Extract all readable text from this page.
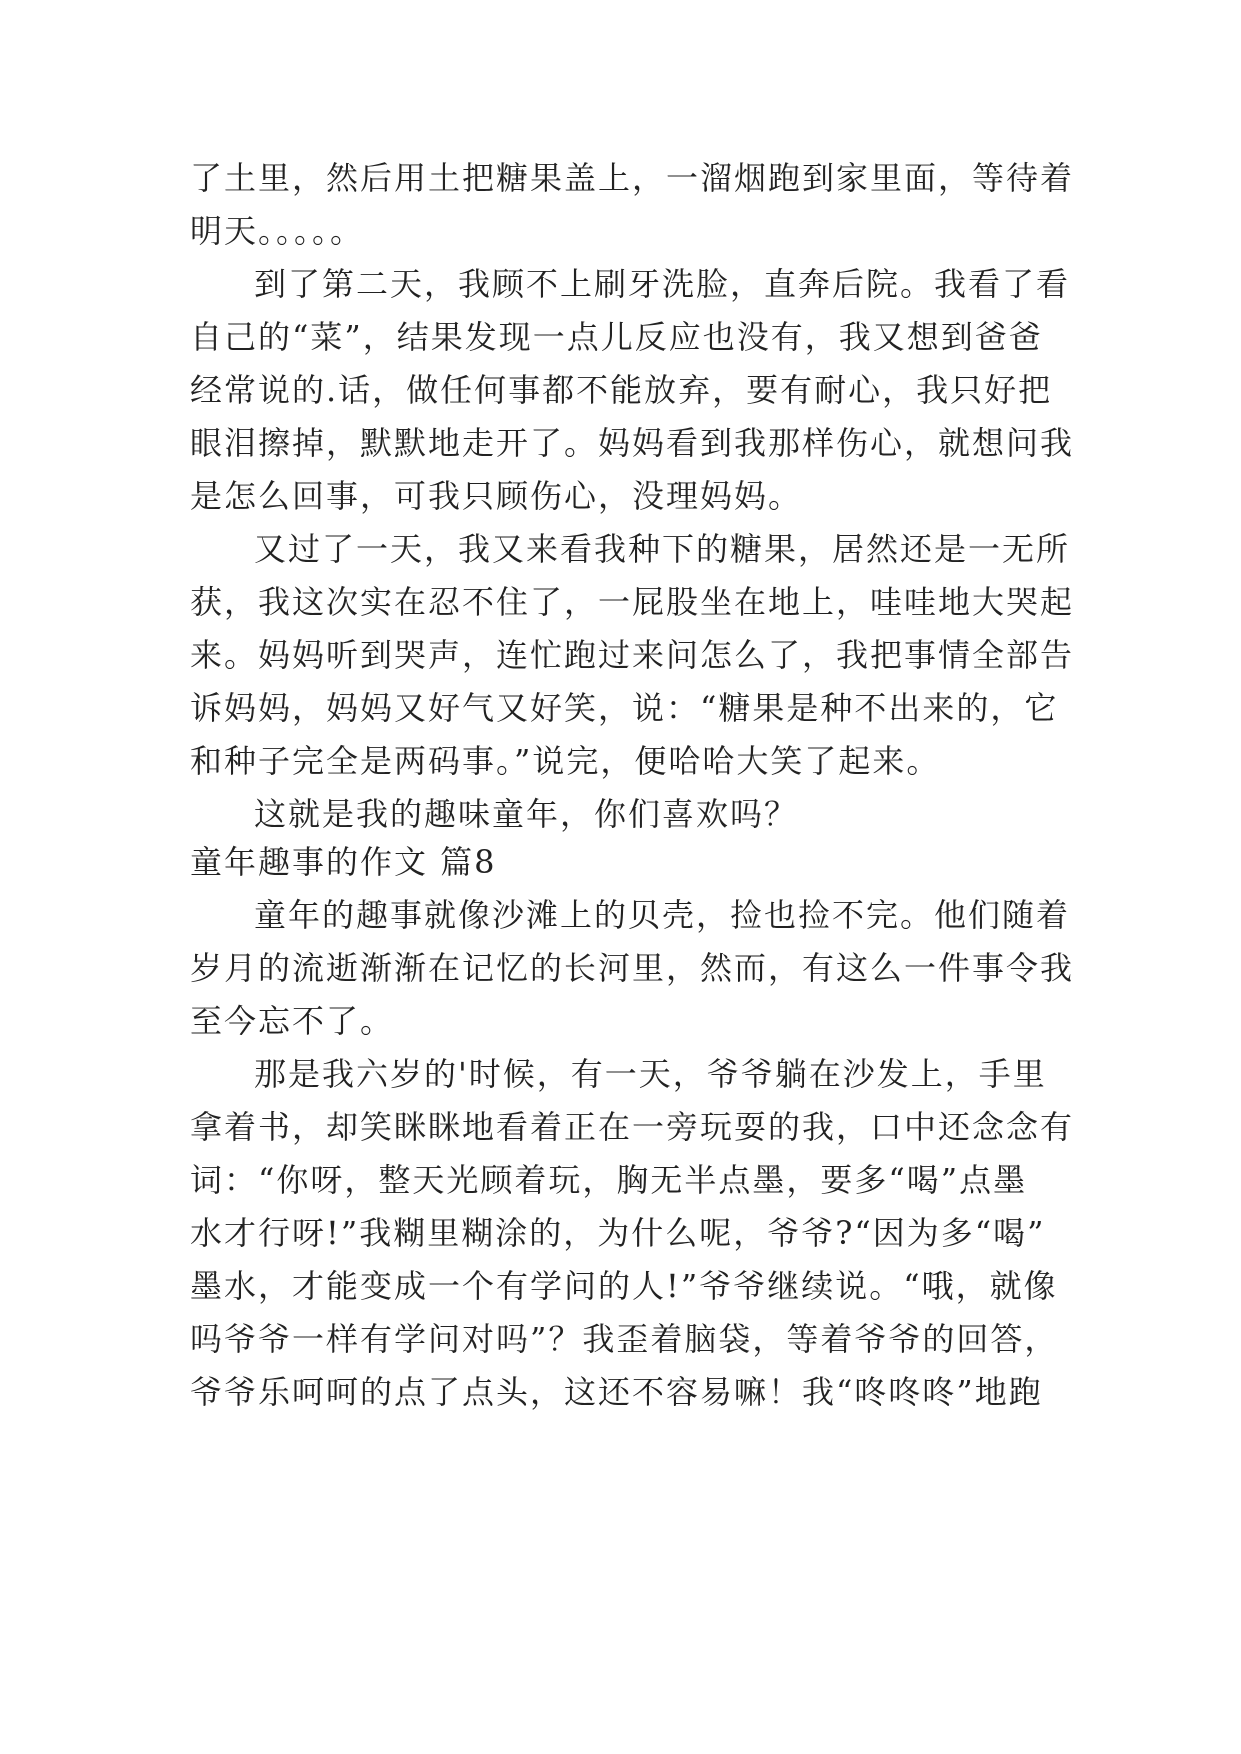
了土里，然后用土把糖果盖上，一溜烟跑到家里面，等待着
明天。。。。。
到了第二天，我顾不上刷牙洗脸，直奔后院。我看了看
自己的“菜”，结果发现一点儿反应也没有，我又想到爸爸
经常说的.话，做任何事都不能放弃，要有耐心，我只好把
眼泪擦掉，默默地走开了。妈妈看到我那样伤心，就想问我
是怎么回事，可我只顾伤心，没理妈妈。
又过了一天，我又来看我种下的糖果，居然还是一无所
获，我这次实在忍不住了，一屁股坐在地上，哇哇地大哭起
来。妈妈听到哭声，连忙跑过来问怎么了，我把事情全部告
诉妈妈，妈妈又好气又好笑，说：“糖果是种不出来的，它
和种子完全是两码事。”说完，便哈哈大笑了起来。
这就是我的趣味童年，你们喜欢吗？
童年趣事的作文 篇8
童年的趣事就像沙滩上的贝壳，捡也捡不完。他们随着
岁月的流逝渐渐在记忆的长河里，然而，有这么一件事令我
至今忘不了。
那是我六岁的'时候，有一天，爷爷躺在沙发上，手里
拿着书，却笑眯眯地看着正在一旁玩耍的我，口中还念念有
词：“你呀，整天光顾着玩，胸无半点墨，要多“喝”点墨
水才行呀!”我糊里糊涂的，为什么呢，爷爷?“因为多“喝”
墨水，才能变成一个有学问的人!”爷爷继续说。“哦，就像
吗爷爷一样有学问对吗”？我歪着脑袋，等着爷爷的回答，
爷爷乐呵呵的点了点头，这还不容易嘛！我“咚咚咚”地跑
